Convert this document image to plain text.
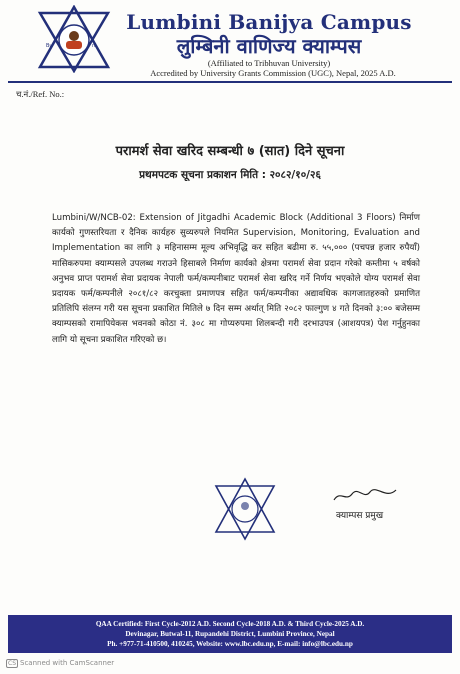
Bu	ni
Lumbini Banijya Campus
लुम्बिनी वाणिज्य क्याम्पस
(Affiliated to Tribhuvan University)
Accredited by University Grants Commission (UGC), Nepal, 2025 A.D.
च.नं./Ref. No.:
परामर्श सेवा खरिद सम्बन्धी ७ (सात) दिने सूचना
प्रथमपटक सूचना प्रकाशन मिति : २०८२/१०/२६
Lumbini/W/NCB-02: Extension of Jitgadhi Academic Block (Additional 3 Floors) निर्माण कार्यको गुणस्तरियता र दैनिक कार्यहरु सुव्यरुपले नियमित Supervision, Monitoring, Evaluation and Implementation का लागि ३ महिनासम्म मूल्य अभिवृद्धि कर सहित बढीमा रु. ५५,००० (पचपन्न हजार रुपैयाँ) मासिकरुपमा क्याम्पसले उपलब्ध गराउने हिसाबले निर्माण कार्यको क्षेत्रमा परामर्श सेवा प्रदान गरेको कम्तीमा ५ वर्षको अनुभव प्राप्त परामर्श सेवा प्रदायक नेपाली फर्म/कम्पनीबाट परामर्श सेवा खरिद गर्ने निर्णय भएकोले योग्य परामर्श सेवा प्रदायक फर्म/कम्पनीले २०८१/८२ करचुक्ता प्रमाणपत्र सहित फर्म/कम्पनीका अद्यावधिक कागजातहरुको प्रमाणित प्रतिलिपि संलग्न गरी यस सूचना प्रकाशित मितिले ७ दिन सम्म अर्थात् मिति २०८२ फाल्गुण ४ गते दिनको ३:०० बजेसम्म क्याम्पसको रामापियेकस भवनको कोठा नं. ३०८ मा गोप्यरुपमा शिलबन्दी गरी दरभाउपत्र (आशयपत्र) पेश गर्नुहुनका लागि यो सूचना प्रकाशित गरिएको छ।
क्याम्पस प्रमुख
QAA Certified: First Cycle-2012 A.D. Second Cycle-2018 A.D. & Third Cycle-2025 A.D.
Devinagar, Butwal-11, Rupandehi District, Lumbini Province, Nepal
Ph. +977-71-410500, 410245, Website: www.lbc.edu.np, E-mail: info@lbc.edu.np
CS Scanned with CamScanner
